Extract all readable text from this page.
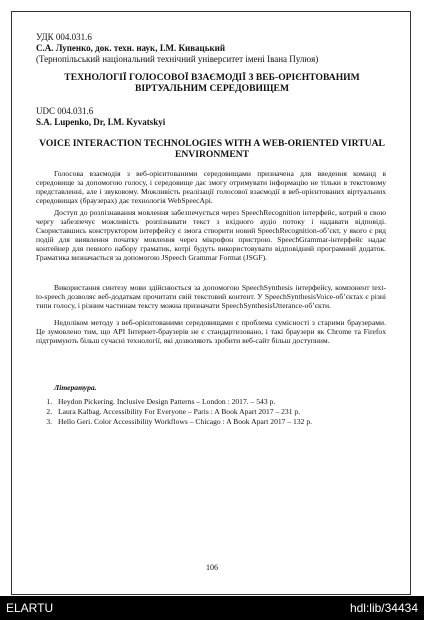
УДК 004.031.6
С.А. Лупенко, док. техн. наук, І.М. Кивацький
(Тернопільський національний технічний університет імені Івана Пулюя)
ТЕХНОЛОГІЇ ГОЛОСОВОЇ ВЗАЄМОДІЇ З ВЕБ-ОРІЄНТОВАНИМ ВІРТУАЛЬНИМ СЕРЕДОВИЩЕМ
UDC 004.031.6
S.A. Lupenko, Dr, I.M. Kyvatskyi
VOICE INTERACTION TECHNOLOGIES WITH A WEB-ORIENTED VIRTUAL ENVIRONMENT
Голосова взаємодія з веб-орієнтованими середовищами призначена для введення команд в середовище за допомогою голосу, і середовище дає змогу отримувати інформацію не тільки в текстовому представленні, але і звуковому. Можливість реалізації голосової взаємодії в веб-орієнтованих віртуальних середовищах (браузерах) дає технологія WebSpeecApi.
Доступ до розпізнавання мовлення забезпечується через SpeechRecognition інтерфейс, котрий в свою чергу забезпечує можливість розпізнавати текст з вхідного аудіо потоку і надавати відповіді. Скориставшись конструктором інтерфейсу є змога створити новий SpeechRecognition-об’єкт, у якого є ряд подій для виявлення початку мовлення через мікрофон пристрою. SpeechGrammar-інтерфейс надає контейнер для певного набору граматик, котрі будуть використовувати відповідний програмний додаток. Граматика визначається за допомогою JSpeech Grammar Format (JSGF).
Використання синтезу мови здійснюється за допомогою SpeechSynthesis інтерфейсу, компонент text-to-speech дозволяє веб-додаткам прочитати свій текстовий контент. У SpeechSynthesisVoice-об’єктах є різні типи голосу, і різним частинам тексту можна призначати SpeechSynthesisUtterance-об’єкти.
Недоліком методу з веб-орієнтованими середовищами є проблема сумісності з старими браузерами. Це зумовлено тим, що API Інтернет-браузерів не є стандартизовано, і такі браузери як Chrome та Firefox підтримують більш сучасні технології, які дозволяють зробити веб-сайт більш доступним.
Література.
1. Heydon Pickering. Inclusive Design Patterns – London : 2017. – 543 p.
2. Laura Kalbag. Accessibility For Everyone – Paris : A Book Apart 2017 – 231 p.
3. Hello Geri. Color Accessibility Workflows – Chicago : A Book Apart 2017 – 132 p.
106
ELARTU	hdl:lib/34434
